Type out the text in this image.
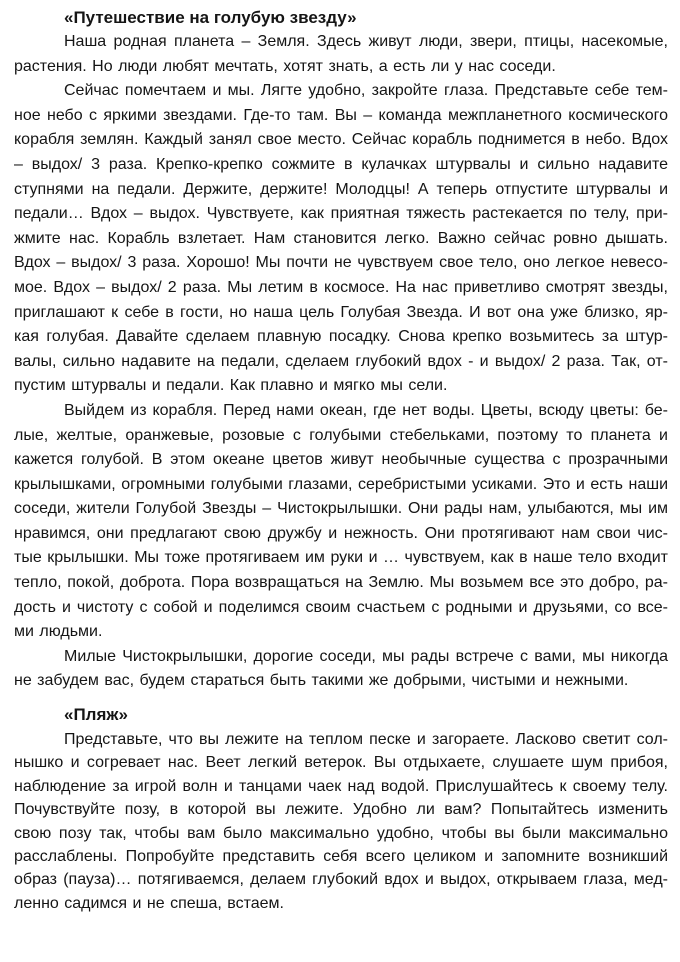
«Путешествие на голубую звезду»

Наша родная планета – Земля. Здесь живут люди, звери, птицы, насекомые, растения. Но люди любят мечтать, хотят знать, а есть ли у нас соседи.

Сейчас помечтаем и мы. Лягте удобно, закройте глаза. Представьте себе темное небо с яркими звездами. Где-то там. Вы – команда межпланетного космического корабля землян. Каждый занял свое место. Сейчас корабль поднимется в небо. Вдох – выдох/ 3 раза. Крепко-крепко сожмите в кулачках штурвалы и сильно надавите ступнями на педали. Держите, держите! Молодцы! А теперь отпустите штурвалы и педали… Вдох – выдох. Чувствуете, как приятная тяжесть растекается по телу, прижмите нас. Корабль взлетает. Нам становится легко. Важно сейчас ровно дышать. Вдох – выдох/ 3 раза. Хорошо! Мы почти не чувствуем свое тело, оно легкое невесомое. Вдох – выдох/ 2 раза. Мы летим в космосе. На нас приветливо смотрят звезды, приглашают к себе в гости, но наша цель Голубая Звезда. И вот она уже близко, яркая голубая. Давайте сделаем плавную посадку. Снова крепко возьмитесь за штурвалы, сильно надавите на педали, сделаем глубокий вдох - и выдох/ 2 раза. Так, отпустим штурвалы и педали. Как плавно и мягко мы сели.

Выйдем из корабля. Перед нами океан, где нет воды. Цветы, всюду цветы: белые, желтые, оранжевые, розовые с голубыми стебельками, поэтому то планета и кажется голубой. В этом океане цветов живут необычные существа с прозрачными крылышками, огромными голубыми глазами, серебристыми усиками. Это и есть наши соседи, жители Голубой Звезды – Чистокрылышки. Они рады нам, улыбаются, мы им нравимся, они предлагают свою дружбу и нежность. Они протягивают нам свои чистые крылышки. Мы тоже протягиваем им руки и … чувствуем, как в наше тело входит тепло, покой, доброта. Пора возвращаться на Землю. Мы возьмем все это добро, радость и чистоту с собой и поделимся своим счастьем с родными и друзьями, со всеми людьми.

Милые Чистокрылышки, дорогие соседи, мы рады встрече с вами, мы никогда не забудем вас, будем стараться быть такими же добрыми, чистыми и нежными.

«Пляж»

Представьте, что вы лежите на теплом песке и загораете. Ласково светит солнышко и согревает нас. Веет легкий ветерок. Вы отдыхаете, слушаете шум прибоя, наблюдение за игрой волн и танцами чаек над водой. Прислушайтесь к своему телу. Почувствуйте позу, в которой вы лежите. Удобно ли вам? Попытайтесь изменить свою позу так, чтобы вам было максимально удобно, чтобы вы были максимально расслаблены. Попробуйте представить себя всего целиком и запомните возникший образ (пауза)… потягиваемся, делаем глубокий вдох и выдох, открываем глаза, медленно садимся и не спеша, встаем.
